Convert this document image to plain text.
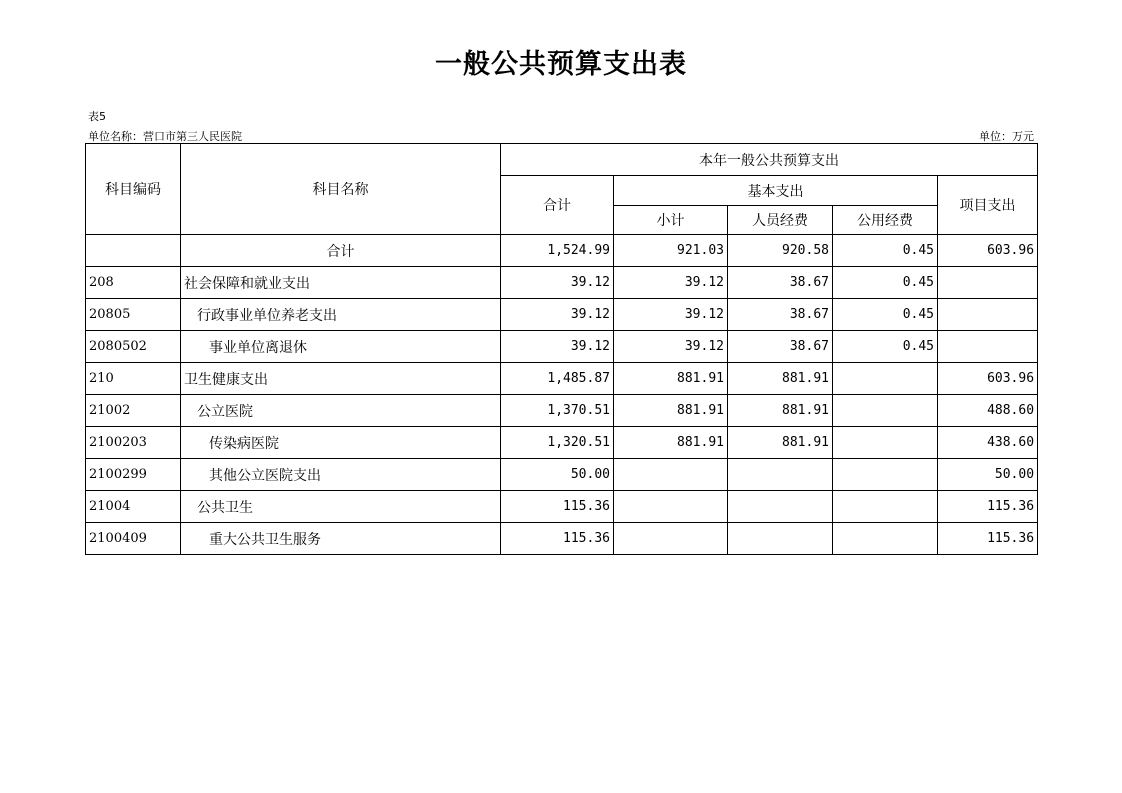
一般公共预算支出表
表5
单位名称：营口市第三人民医院	单位：万元
科目编码	科目名称	本年一般公共预算支出				
		合计	基本支出			项目支出
			小计	人员经费	公用经费	
	合计	1,524.99	921.03	920.58	0.45	603.96
208	社会保障和就业支出	39.12	39.12	38.67	0.45	
20805	行政事业单位养老支出	39.12	39.12	38.67	0.45	
2080502	事业单位离退休	39.12	39.12	38.67	0.45	
210	卫生健康支出	1,485.87	881.91	881.91		603.96
21002	公立医院	1,370.51	881.91	881.91		488.60
2100203	传染病医院	1,320.51	881.91	881.91		438.60
2100299	其他公立医院支出	50.00				50.00
21004	公共卫生	115.36				115.36
2100409	重大公共卫生服务	115.36				115.36
